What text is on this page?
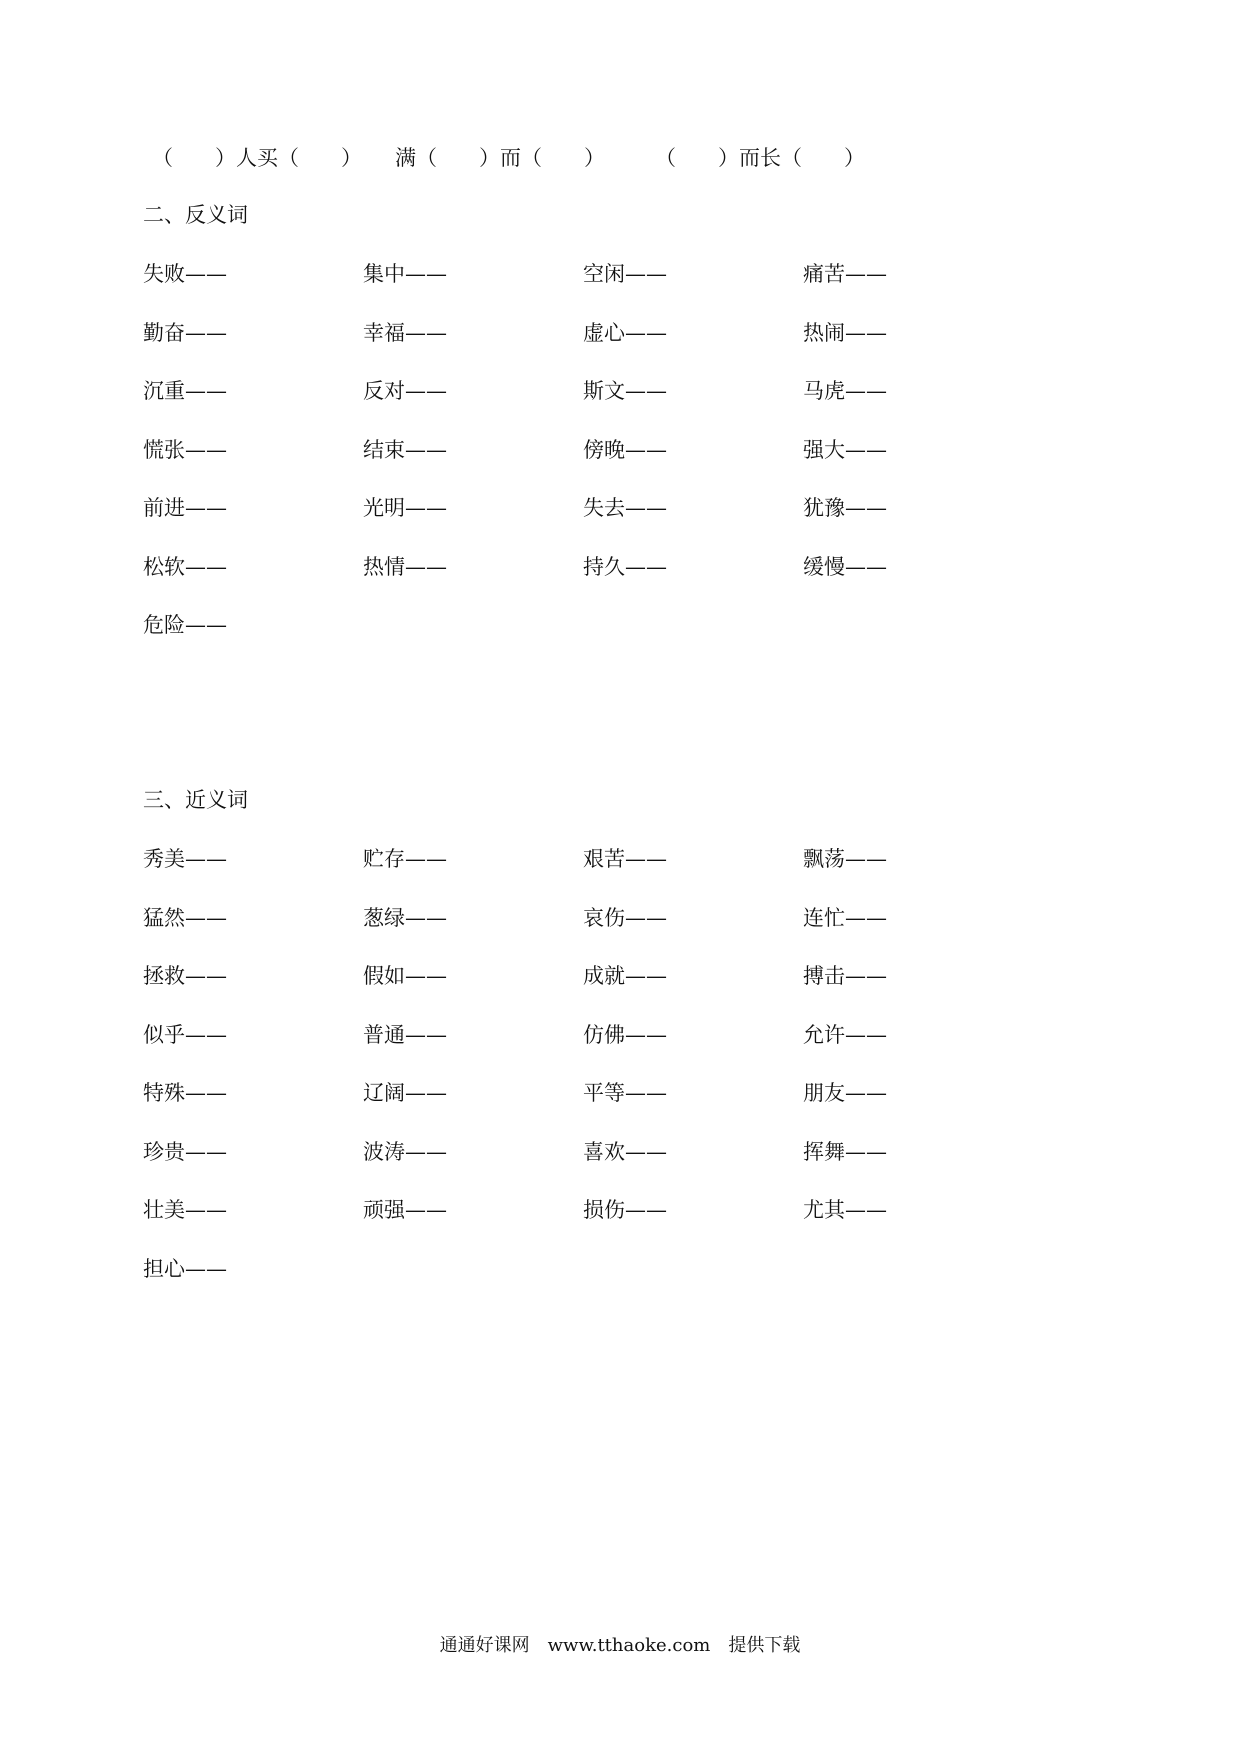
（　　）人买（　　） 满（　　）而（　　） （　　）而长（　　）
二、反义词
失败——	集中——	空闲——	痛苦——
勤奋——	幸福——	虚心——	热闹——
沉重——	反对——	斯文——	马虎——
慌张——	结束——	傍晚——	强大——
前进——	光明——	失去——	犹豫——
松软——	热情——	持久——	缓慢——
危险——
三、近义词
秀美——	贮存——	艰苦——	飘荡——
猛然——	葱绿——	哀伤——	连忙——
拯救——	假如——	成就——	搏击——
似乎——	普通——	仿佛——	允许——
特殊——	辽阔——	平等——	朋友——
珍贵——	波涛——	喜欢——	挥舞——
壮美——	顽强——	损伤——	尤其——
担心——
通通好课网　www.tthaoke.com　提供下载
